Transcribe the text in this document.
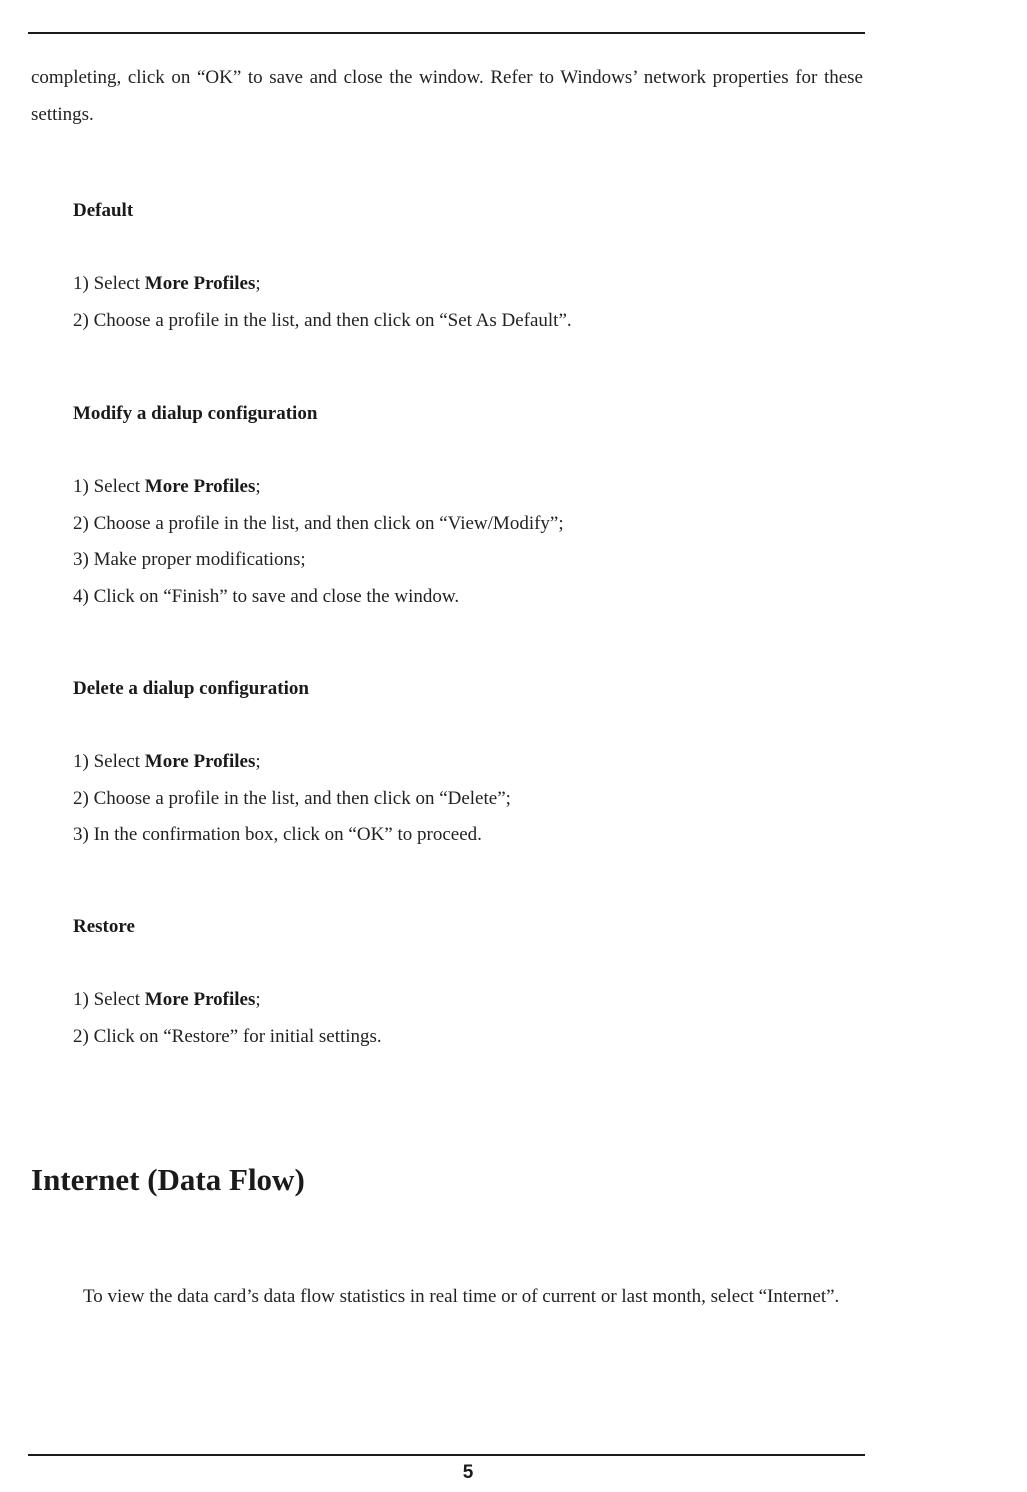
completing, click on “OK” to save and close the window. Refer to Windows’ network properties for these settings.

Default
1) Select More Profiles;
2) Choose a profile in the list, and then click on “Set As Default”.
Modify a dialup configuration
1) Select More Profiles;
2) Choose a profile in the list, and then click on “View/Modify”;
3) Make proper modifications;
4) Click on “Finish” to save and close the window.
Delete a dialup configuration
1) Select More Profiles;
2) Choose a profile in the list, and then click on “Delete”;
3) In the confirmation box, click on “OK” to proceed.
Restore
1) Select More Profiles;
2) Click on “Restore” for initial settings.
Internet (Data Flow)

To view the data card’s data flow statistics in real time or of current or last month, select “Internet”.

5
